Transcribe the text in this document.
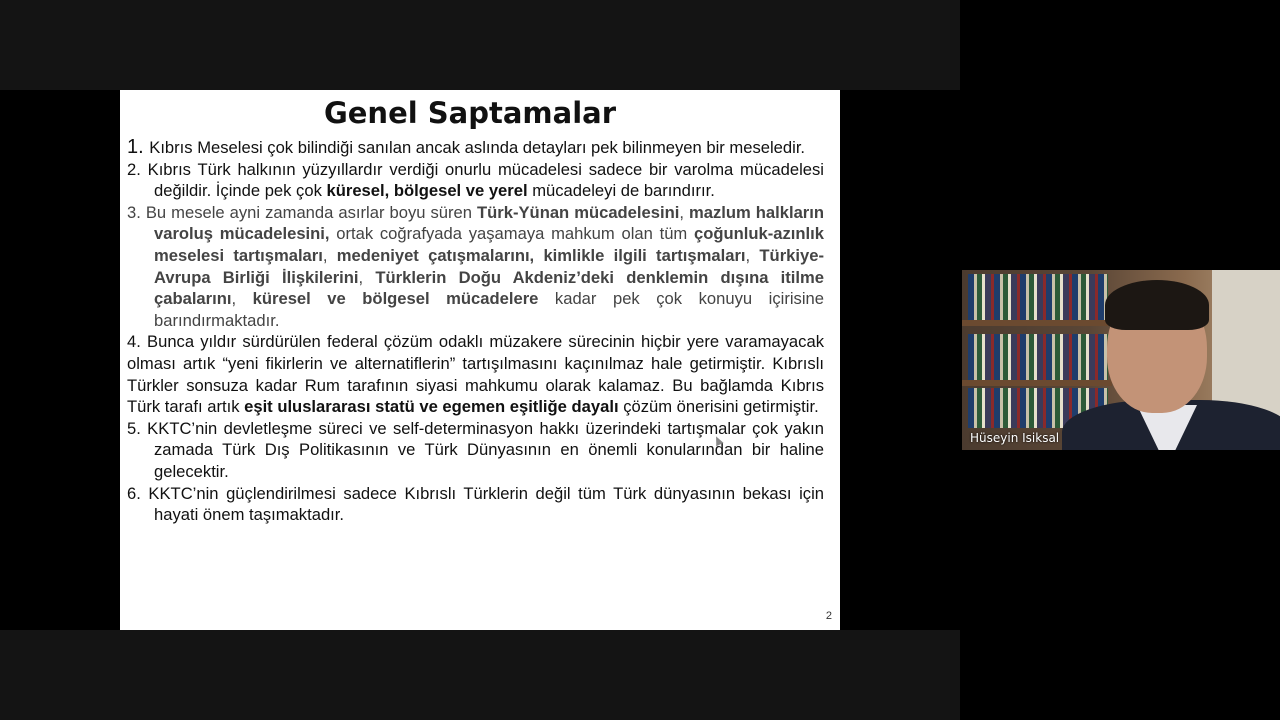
Genel Saptamalar

1. Kıbrıs Meselesi çok bilindiği sanılan ancak aslında detayları pek bilinmeyen bir meseledir.

2. Kıbrıs Türk halkının yüzyıllardır verdiği onurlu mücadelesi sadece bir varolma mücadelesi değildir. İçinde pek çok küresel, bölgesel ve yerel mücadeleyi de barındırır.

3. Bu mesele ayni zamanda asırlar boyu süren Türk-Yünan mücadelesini, mazlum halkların varoluş mücadelesini, ortak coğrafyada yaşamaya mahkum olan tüm çoğunluk-azınlık meselesi tartışmaları, medeniyet çatışmalarını, kimlikle ilgili tartışmaları, Türkiye-Avrupa Birliği İlişkilerini, Türklerin Doğu Akdeniz’deki denklemin dışına itilme çabalarını, küresel ve bölgesel mücadelere kadar pek çok konuyu içirisine barındırmaktadır.

4. Bunca yıldır sürdürülen federal çözüm odaklı müzakere sürecinin hiçbir yere varamayacak olması artık “yeni fikirlerin ve alternatiflerin” tartışılmasını kaçınılmaz hale getirmiştir. Kıbrıslı Türkler sonsuza kadar Rum tarafının siyasi mahkumu olarak kalamaz. Bu bağlamda Kıbrıs Türk tarafı artık eşit uluslararası statü ve egemen eşitliğe dayalı çözüm önerisini getirmiştir.

5. KKTC’nin devletleşme süreci ve self-determinasyon hakkı üzerindeki tartışmalar çok yakın zamada Türk Dış Politikasının ve Türk Dünyasının en önemli konularından bir haline gelecektir.

6. KKTC’nin güçlendirilmesi sadece Kıbrıslı Türklerin değil tüm Türk dünyasının bekası için hayati önem taşımaktadır.

2
Hüseyin Isiksal
